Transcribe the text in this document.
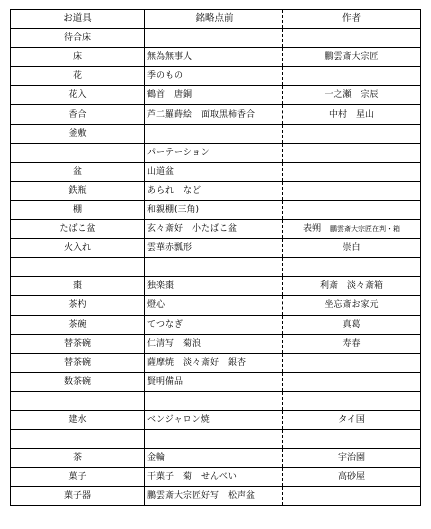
お道具	銘略点前	作者
待合床		
床	無為無事人	鵬雲斎大宗匠
花	季のもの	
花入	鶴首　唐銅	一之瀬　宗辰
香合	芦二羅蒔絵　面取黒柿香合	中村　星山
釜敷		
	パーテーション	
盆	山道盆	
鉄瓶	あられ　など	
棚	和親棚(三角)	
たばこ盆	玄々斎好　小たばこ盆	表朔　 鵬雲斎大宗匠在判・箱
火入れ	雲華赤瓢形	崇白

棗	独楽棗	利斎　淡々斎箱
茶杓	燈心	坐忘斎お家元
茶碗	てつなぎ	真葛
替茶碗	仁清写　菊浪	寿春
替茶碗	薩摩焼　淡々斎好　銀杏	
数茶碗	賢明備品	

建水	ベンジャロン焼	タイ国

茶	金輪	宇治園
菓子	干菓子　菊　せんべい	高砂屋
菓子器	鵬雲斎大宗匠好写　松声盆	
